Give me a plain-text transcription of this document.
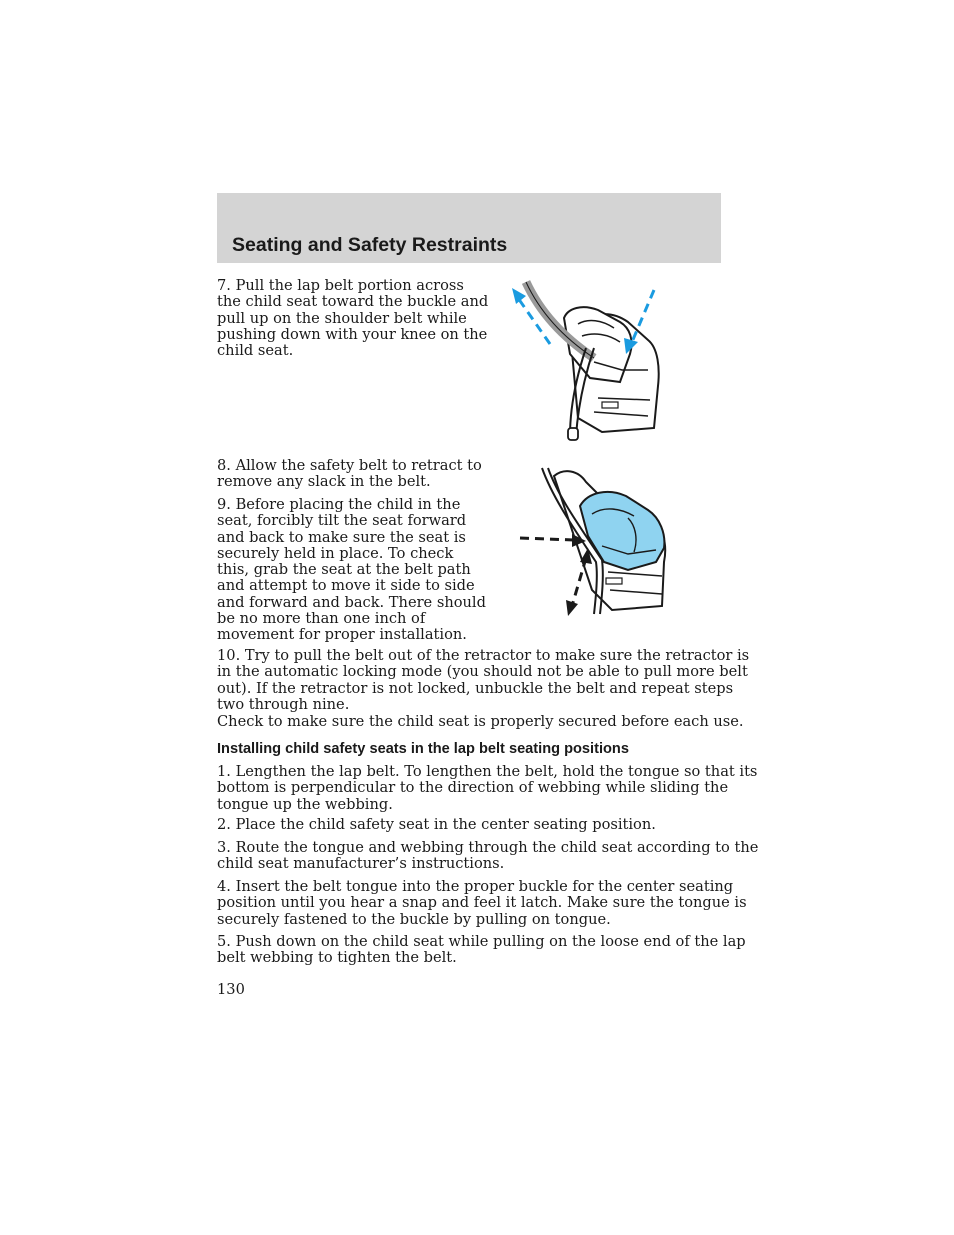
Seating and Safety Restraints

7. Pull the lap belt portion across
the child seat toward the buckle and
pull up on the shoulder belt while
pushing down with your knee on the
child seat.

8. Allow the safety belt to retract to
remove any slack in the belt.

9. Before placing the child in the
seat, forcibly tilt the seat forward
and back to make sure the seat is
securely held in place. To check
this, grab the seat at the belt path
and attempt to move it side to side
and forward and back. There should
be no more than one inch of
movement for proper installation.

10. Try to pull the belt out of the retractor to make sure the retractor is
in the automatic locking mode (you should not be able to pull more belt
out). If the retractor is not locked, unbuckle the belt and repeat steps
two through nine.

Check to make sure the child seat is properly secured before each use.

Installing child safety seats in the lap belt seating positions

1. Lengthen the lap belt. To lengthen the belt, hold the tongue so that its
bottom is perpendicular to the direction of webbing while sliding the
tongue up the webbing.

2. Place the child safety seat in the center seating position.

3. Route the tongue and webbing through the child seat according to the
child seat manufacturer’s instructions.

4. Insert the belt tongue into the proper buckle for the center seating
position until you hear a snap and feel it latch. Make sure the tongue is
securely fastened to the buckle by pulling on tongue.

5. Push down on the child seat while pulling on the loose end of the lap
belt webbing to tighten the belt.

130
